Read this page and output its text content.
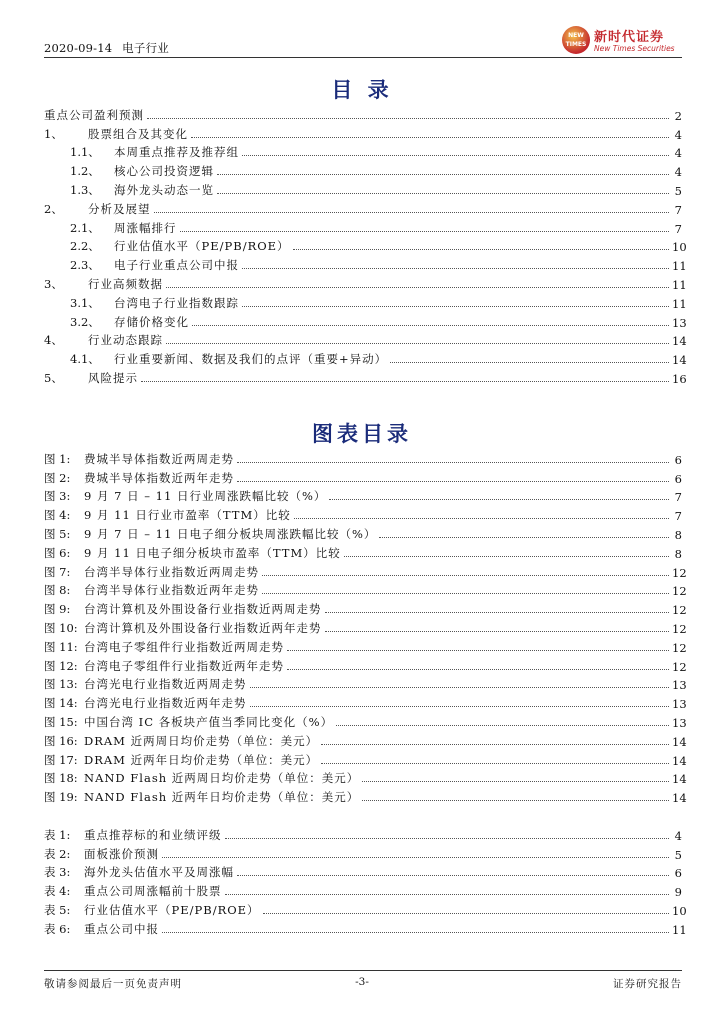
2020-09-14 电子行业
NEW TIMES 新时代证券
New Times Securities
目 录
重点公司盈利预测	2
1、	股票组合及其变化	4
1.1、	本周重点推荐及推荐组	4
1.2、	核心公司投资逻辑	4
1.3、	海外龙头动态一览	5
2、	分析及展望	7
2.1、	周涨幅排行	7
2.2、	行业估值水平（PE/PB/ROE）	10
2.3、	电子行业重点公司中报	11
3、	行业高频数据	11
3.1、	台湾电子行业指数跟踪	11
3.2、	存储价格变化	13
4、	行业动态跟踪	14
4.1、	行业重要新闻、数据及我们的点评（重要+异动）	14
5、	风险提示	16
图表目录
图 1:	费城半导体指数近两周走势	6
图 2:	费城半导体指数近两年走势	6
图 3:	9 月 7 日 – 11 日行业周涨跌幅比较（%）	7
图 4:	9 月 11 日行业市盈率（TTM）比较	7
图 5:	9 月 7 日 – 11 日电子细分板块周涨跌幅比较（%）	8
图 6:	9 月 11 日电子细分板块市盈率（TTM）比较	8
图 7:	台湾半导体行业指数近两周走势	12
图 8:	台湾半导体行业指数近两年走势	12
图 9:	台湾计算机及外围设备行业指数近两周走势	12
图 10: 台湾计算机及外围设备行业指数近两年走势	12
图 11: 台湾电子零组件行业指数近两周走势	12
图 12: 台湾电子零组件行业指数近两年走势	12
图 13: 台湾光电行业指数近两周走势	13
图 14: 台湾光电行业指数近两年走势	13
图 15: 中国台湾 IC 各板块产值当季同比变化（%）	13
图 16: DRAM 近两周日均价走势（单位：美元）	14
图 17: DRAM 近两年日均价走势（单位：美元）	14
图 18: NAND Flash 近两周日均价走势（单位：美元）	14
图 19: NAND Flash 近两年日均价走势（单位：美元）	14
表 1:	重点推荐标的和业绩评级	4
表 2:	面板涨价预测	5
表 3:	海外龙头估值水平及周涨幅	6
表 4:	重点公司周涨幅前十股票	9
表 5:	行业估值水平（PE/PB/ROE）	10
表 6:	重点公司中报	11
敬请参阅最后一页免责声明	-3-	证券研究报告
